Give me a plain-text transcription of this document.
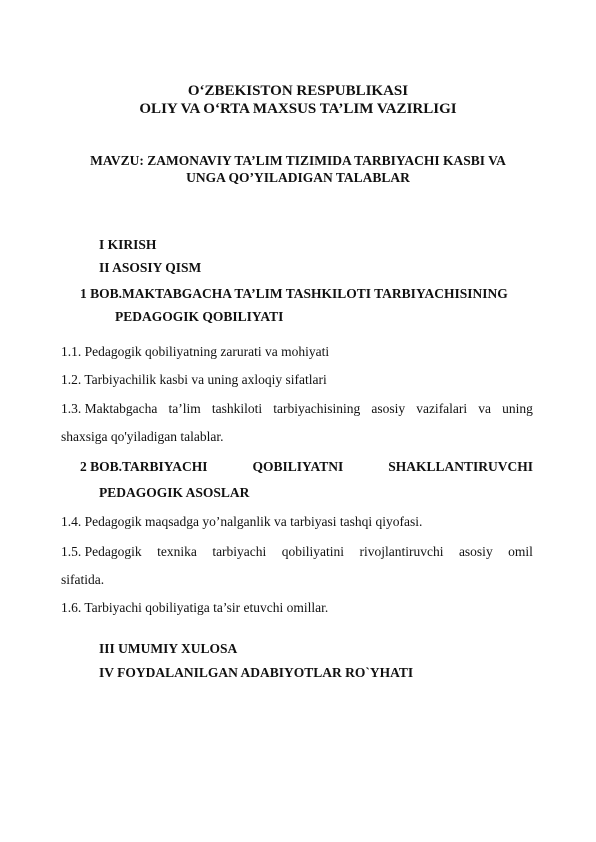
O‘ZBEKISTON RESPUBLIKASI
OLIY VA O‘RTA MAXSUS TA’LIM VAZIRLIGI
MAVZU: ZAMONAVIY TA’LIM TIZIMIDA TARBIYACHI KASBI VA
UNGA QO’YILADIGAN TALABLAR
I KIRISH
II ASOSIY QISM
1 BOB.MAKTABGACHA TA’LIM TASHKILOTI TARBIYACHISINING
PEDAGOGIK QOBILIYATI
1.1. Pedagogik qobiliyatning zarurati va mohiyati
1.2. Tarbiyachilik kasbi va uning axloqiy sifatlari
1.3. Maktabgacha ta’lim tashkiloti tarbiyachisining asosiy vazifalari va uning
shaxsiga qo'yiladigan talablar.
2 BOB.TARBIYACHI	QOBILIYATNI	SHAKLLANTIRUVCHI
PEDAGOGIK ASOSLAR
1.4. Pedagogik maqsadga yo’nalganlik va tarbiyasi tashqi qiyofasi.
1.5. Pedagogik texnika tarbiyachi qobiliyatini rivojlantiruvchi asosiy omil
sifatida.
1.6. Tarbiyachi qobiliyatiga ta’sir etuvchi omillar.
III UMUMIY XULOSA
IV FOYDALANILGAN ADABIYOTLAR RO`YHATI
